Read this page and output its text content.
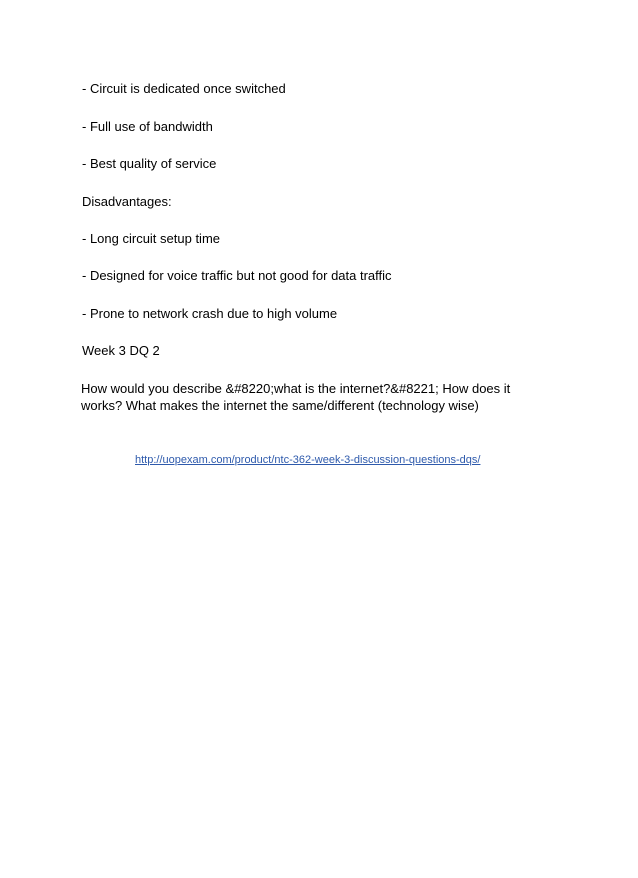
- Circuit is dedicated once switched
- Full use of bandwidth
- Best quality of service
Disadvantages:
- Long circuit setup time
- Designed for voice traffic but not good for data traffic
- Prone to network crash due to high volume
Week 3 DQ 2
How would you describe &#8220;what is the internet?&#8221; How does it
works? What makes the internet the same/different (technology wise)
http://uopexam.com/product/ntc-362-week-3-discussion-questions-dqs/
